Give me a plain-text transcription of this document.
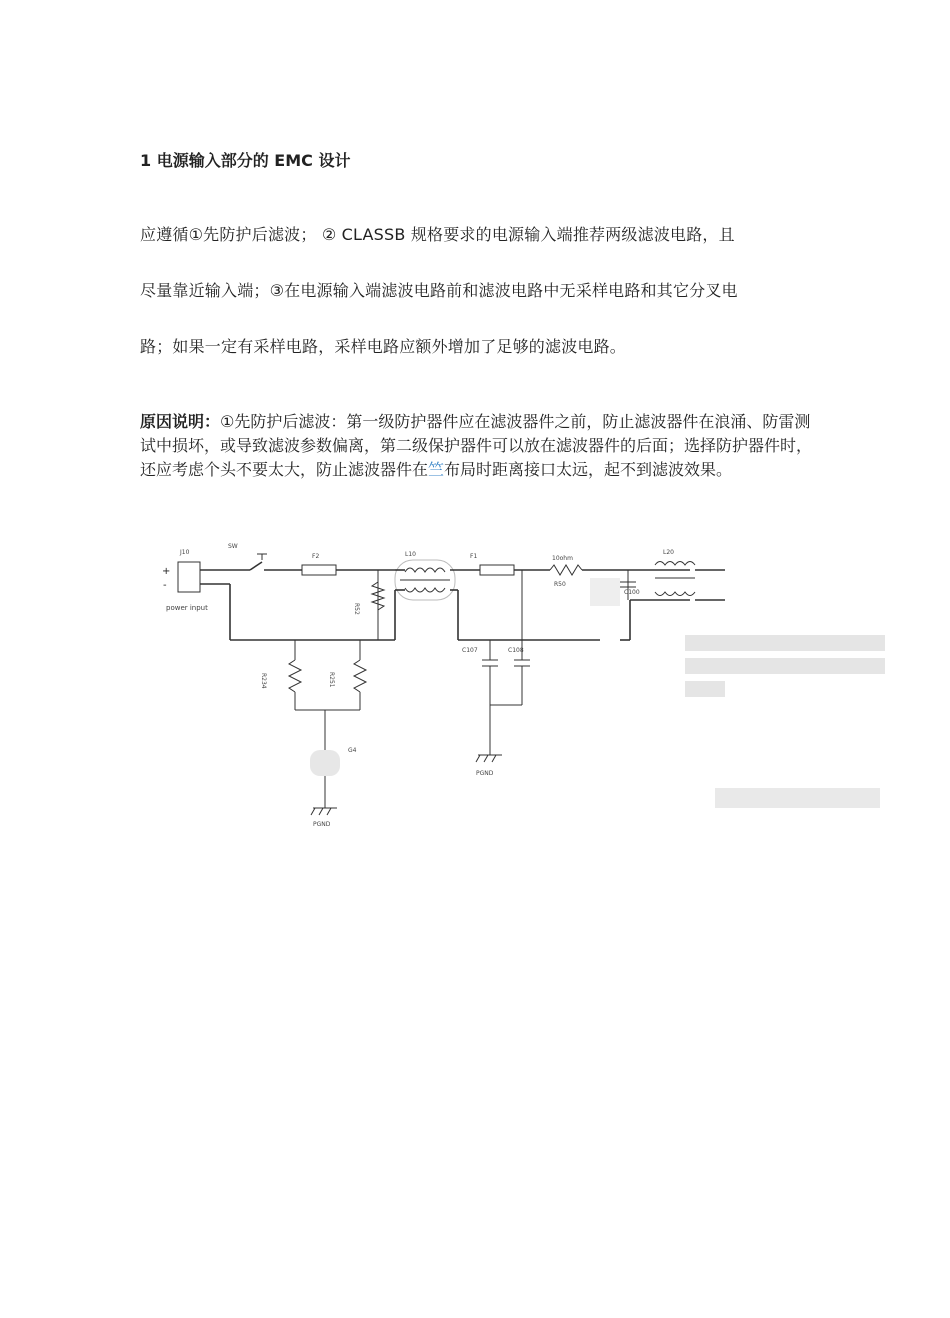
1 电源输入部分的 EMC 设计
应遵循①先防护后滤波； ② CLASSB 规格要求的电源输入端推荐两级滤波电路，且
尽量靠近输入端；③在电源输入端滤波电路前和滤波电路中无采样电路和其它分叉电
路；如果一定有采样电路，采样电路应额外增加了足够的滤波电路。
原因说明：①先防护后滤波：第一级防护器件应在滤波器件之前，防止滤波器件在浪涌、防雷测试中损坏，或导致滤波参数偏离，第二级保护器件可以放在滤波器件的后面；选择防护器件时，还应考虑个头不要太大，防止滤波器件在竺布局时距离接口太远，起不到滤波效果。
J10
+
-
power input
SW
F2
R52
L10	F1	10ohm
R50
C107	C108
PGND
C100
L20
R234	R251
G4
PGND
